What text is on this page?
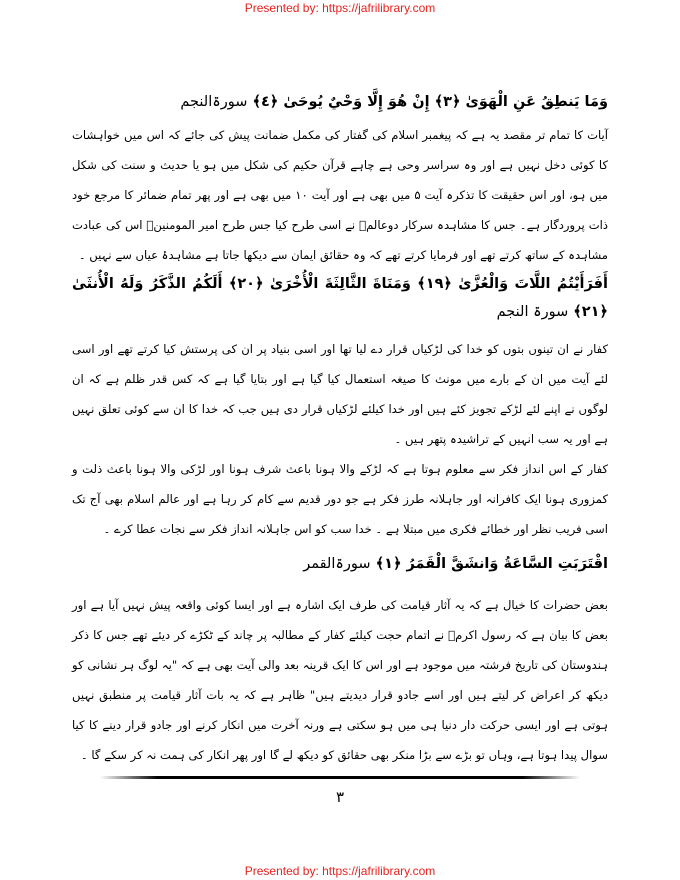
Presented by: https://jafrilibrary.com

وَمَا يَنطِقُ عَنِ الْهَوَىٰ ﴿٣﴾ إِنْ هُوَ إِلَّا وَحْيٌ يُوحَىٰ ﴿٤﴾ سورۃالنجم

آیات کا تمام تر مقصد یہ ہے کہ پیغمبر اسلام کی گفتار کی مکمل ضمانت پیش کی جائے کہ اس میں خواہشات کا کوئی دخل نہیں ہے اور وہ سراسر وحی ہے چاہے قرآن حکیم کی شکل میں ہو یا حدیث و سنت کی شکل میں ہو، اور اس حقیقت کا تذکرہ آیت ۵ میں بھی ہے اور آیت ۱۰ میں بھی ہے اور پھر تمام ضمائر کا مرجع خود ذات پروردگار ہے۔ جس کا مشاہدہ سرکار دوعالمؐ نے اسی طرح کیا جس طرح امیر المومنینؑ اس کی عبادت مشاہدہ کے ساتھ کرتے تھے اور فرمایا کرتے تھے کہ وہ حقائق ایمان سے دیکھا جاتا ہے مشاہدۂ عیاں سے نہیں ۔

أَفَرَأَيْتُمُ اللَّاتَ وَالْعُزَّىٰ ﴿١٩﴾ وَمَنَاةَ الثَّالِثَةَ الْأُخْرَىٰ ﴿٢٠﴾ أَلَكُمُ الذَّكَرُ وَلَهُ الْأُنثَىٰ ﴿٢١﴾ سورۃ النجم

کفار نے ان تینوں بتوں کو خدا کی لڑکیاں قرار دے لیا تھا اور اسی بنیاد پر ان کی پرستش کیا کرتے تھے اور اسی لئے آیت میں ان کے بارے میں مونث کا صیغہ استعمال کیا گیا ہے اور بتایا گیا ہے کہ کس قدر ظلم ہے کہ ان لوگوں نے اپنے لئے لڑکے تجویز کئے ہیں اور خدا کیلئے لڑکیاں قرار دی ہیں جب کہ خدا کا ان سے کوئی تعلق نہیں ہے اور یہ سب انہیں کے تراشیدہ پتھر ہیں ۔

کفار کے اس انداز فکر سے معلوم ہوتا ہے کہ لڑکے والا ہونا باعث شرف ہونا اور لڑکی والا ہونا باعث ذلت و کمزوری ہونا ایک کافرانہ اور جاہلانہ طرز فکر ہے جو دور قدیم سے کام کر رہا ہے اور عالم اسلام بھی آج تک اسی فریب نظر اور خطائے فکری میں مبتلا ہے ۔ خدا سب کو اس جاہلانہ انداز فکر سے نجات عطا کرے ۔

اقْتَرَبَتِ السَّاعَةُ وَانشَقَّ الْقَمَرُ ﴿١﴾ سورۃالقمر

بعض حضرات کا خیال ہے کہ یہ آثار قیامت کی طرف ایک اشارہ ہے اور ایسا کوئی واقعہ پیش نہیں آیا ہے اور بعض کا بیان ہے کہ رسول اکرمؐ نے اتمام حجت کیلئے کفار کے مطالبہ پر چاند کے ٹکڑے کر دیئے تھے جس کا ذکر ہندوستان کی تاریخ فرشتہ میں موجود ہے اور اس کا ایک قرینہ بعد والی آیت بھی ہے کہ "یہ لوگ ہر نشانی کو دیکھ کر اعراض کر لیتے ہیں اور اسے جادو قرار دیدیتے ہیں" ظاہر ہے کہ یہ بات آثار قیامت پر منطبق نہیں ہوتی ہے اور ایسی حرکت دار دنیا ہی میں ہو سکتی ہے ورنہ آخرت میں انکار کرنے اور جادو قرار دینے کا کیا سوال پیدا ہوتا ہے، وہاں تو بڑے سے بڑا منکر بھی حقائق کو دیکھ لے گا اور پھر انکار کی ہمت نہ کر سکے گا ۔

۳
Presented by: https://jafrilibrary.com
